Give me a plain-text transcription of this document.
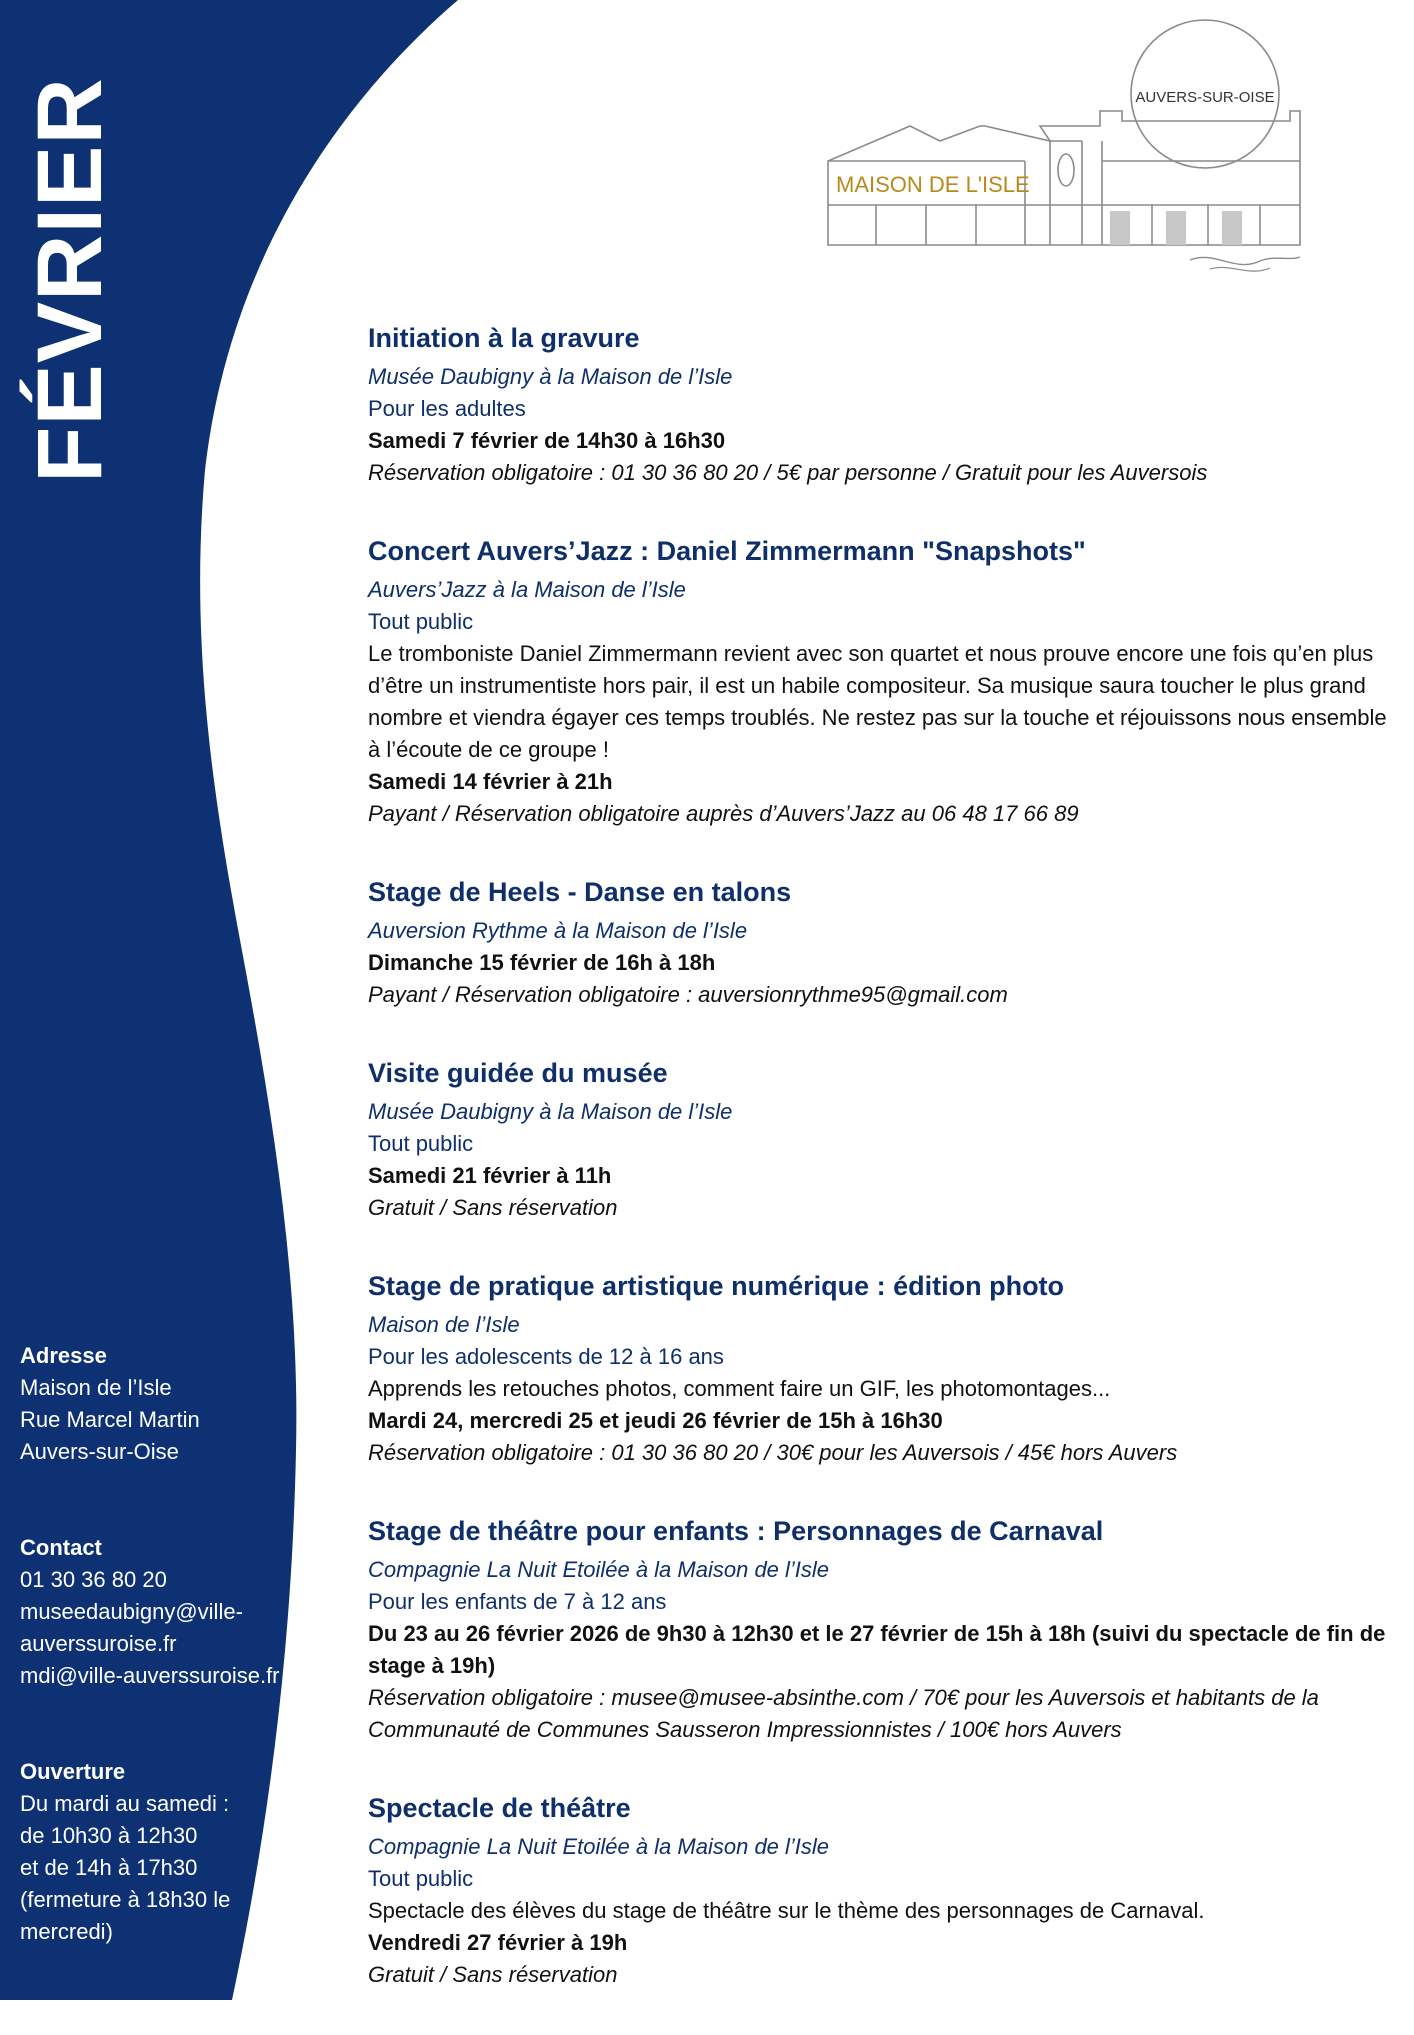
FÉVRIER	AUVERS-SUR-OISE
MAISON DE L'ISLE
Initiation à la gravure
Musée Daubigny à la Maison de l’Isle
Pour les adultes
Samedi 7 février de 14h30 à 16h30
Réservation obligatoire : 01 30 36 80 20 / 5€ par personne / Gratuit pour les Auversois
Concert Auvers’Jazz : Daniel Zimmermann "Snapshots"
Auvers’Jazz à la Maison de l’Isle
Tout public
Le tromboniste Daniel Zimmermann revient avec son quartet et nous prouve encore une fois qu’en plus d’être un instrumentiste hors pair, il est un habile compositeur. Sa musique saura toucher le plus grand nombre et viendra égayer ces temps troublés. Ne restez pas sur la touche et réjouissons nous ensemble à l’écoute de ce groupe !
Samedi 14 février à 21h
Payant / Réservation obligatoire auprès d’Auvers’Jazz au 06 48 17 66 89
Stage de Heels - Danse en talons
Auversion Rythme à la Maison de l’Isle
Dimanche 15 février de 16h à 18h
Payant / Réservation obligatoire : auversionrythme95@gmail.com
Visite guidée du musée
Musée Daubigny à la Maison de l’Isle
Tout public
Samedi 21 février à 11h
Gratuit / Sans réservation
Stage de pratique artistique numérique : édition photo
Maison de l’Isle
Pour les adolescents de 12 à 16 ans
Apprends les retouches photos, comment faire un GIF, les photomontages...
Mardi 24, mercredi 25 et jeudi 26 février de 15h à 16h30
Réservation obligatoire : 01 30 36 80 20 / 30€ pour les Auversois / 45€ hors Auvers
Stage de théâtre pour enfants : Personnages de Carnaval
Compagnie La Nuit Etoilée à la Maison de l’Isle
Pour les enfants de 7 à 12 ans
Du 23 au 26 février 2026 de 9h30 à 12h30 et le 27 février de 15h à 18h (suivi du spectacle de fin de stage à 19h)
Réservation obligatoire : musee@musee-absinthe.com / 70€ pour les Auversois et habitants de la Communauté de Communes Sausseron Impressionnistes / 100€ hors Auvers
Spectacle de théâtre
Compagnie La Nuit Etoilée à la Maison de l’Isle
Tout public
Spectacle des élèves du stage de théâtre sur le thème des personnages de Carnaval.
Vendredi 27 février à 19h
Gratuit / Sans réservation
Adresse
Maison de l’Isle
Rue Marcel Martin
Auvers-sur-Oise
Contact
01 30 36 80 20
museedaubigny@ville-
auverssuroise.fr
mdi@ville-auverssuroise.fr
Ouverture
Du mardi au samedi :
de 10h30 à 12h30
et de 14h à 17h30
(fermeture à 18h30 le
mercredi)
